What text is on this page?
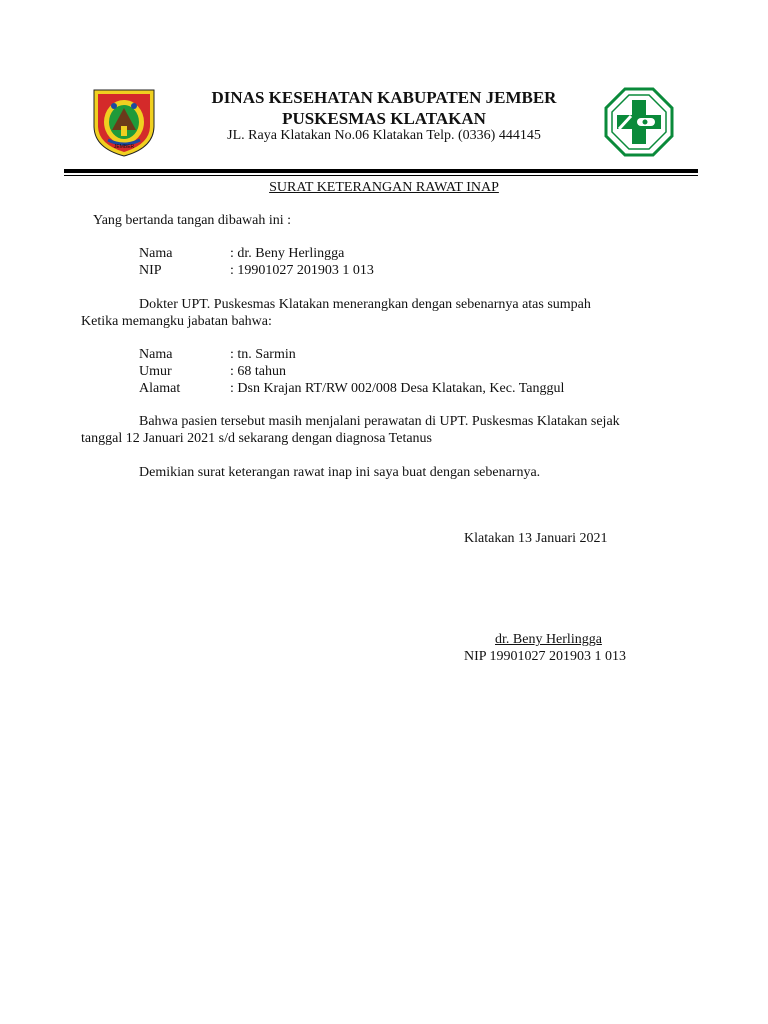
JEMBER
DINAS KESEHATAN KABUPATEN JEMBER
PUSKESMAS KLATAKAN
JL. Raya Klatakan No.06 Klatakan Telp. (0336) 444145
SURAT KETERANGAN RAWAT INAP
Yang bertanda tangan dibawah ini :
Nama	: dr. Beny Herlingga
NIP	: 19901027 201903 1 013
Dokter UPT. Puskesmas Klatakan menerangkan dengan sebenarnya atas sumpah
Ketika memangku jabatan bahwa:
Nama	: tn. Sarmin
Umur	: 68 tahun
Alamat	: Dsn Krajan RT/RW 002/008 Desa Klatakan, Kec. Tanggul
Bahwa pasien tersebut masih menjalani perawatan di UPT. Puskesmas Klatakan sejak
tanggal 12 Januari 2021 s/d sekarang dengan diagnosa Tetanus
Demikian surat keterangan rawat inap ini saya buat dengan sebenarnya.
Klatakan 13 Januari 2021
dr. Beny Herlingga
NIP 19901027 201903 1 013
